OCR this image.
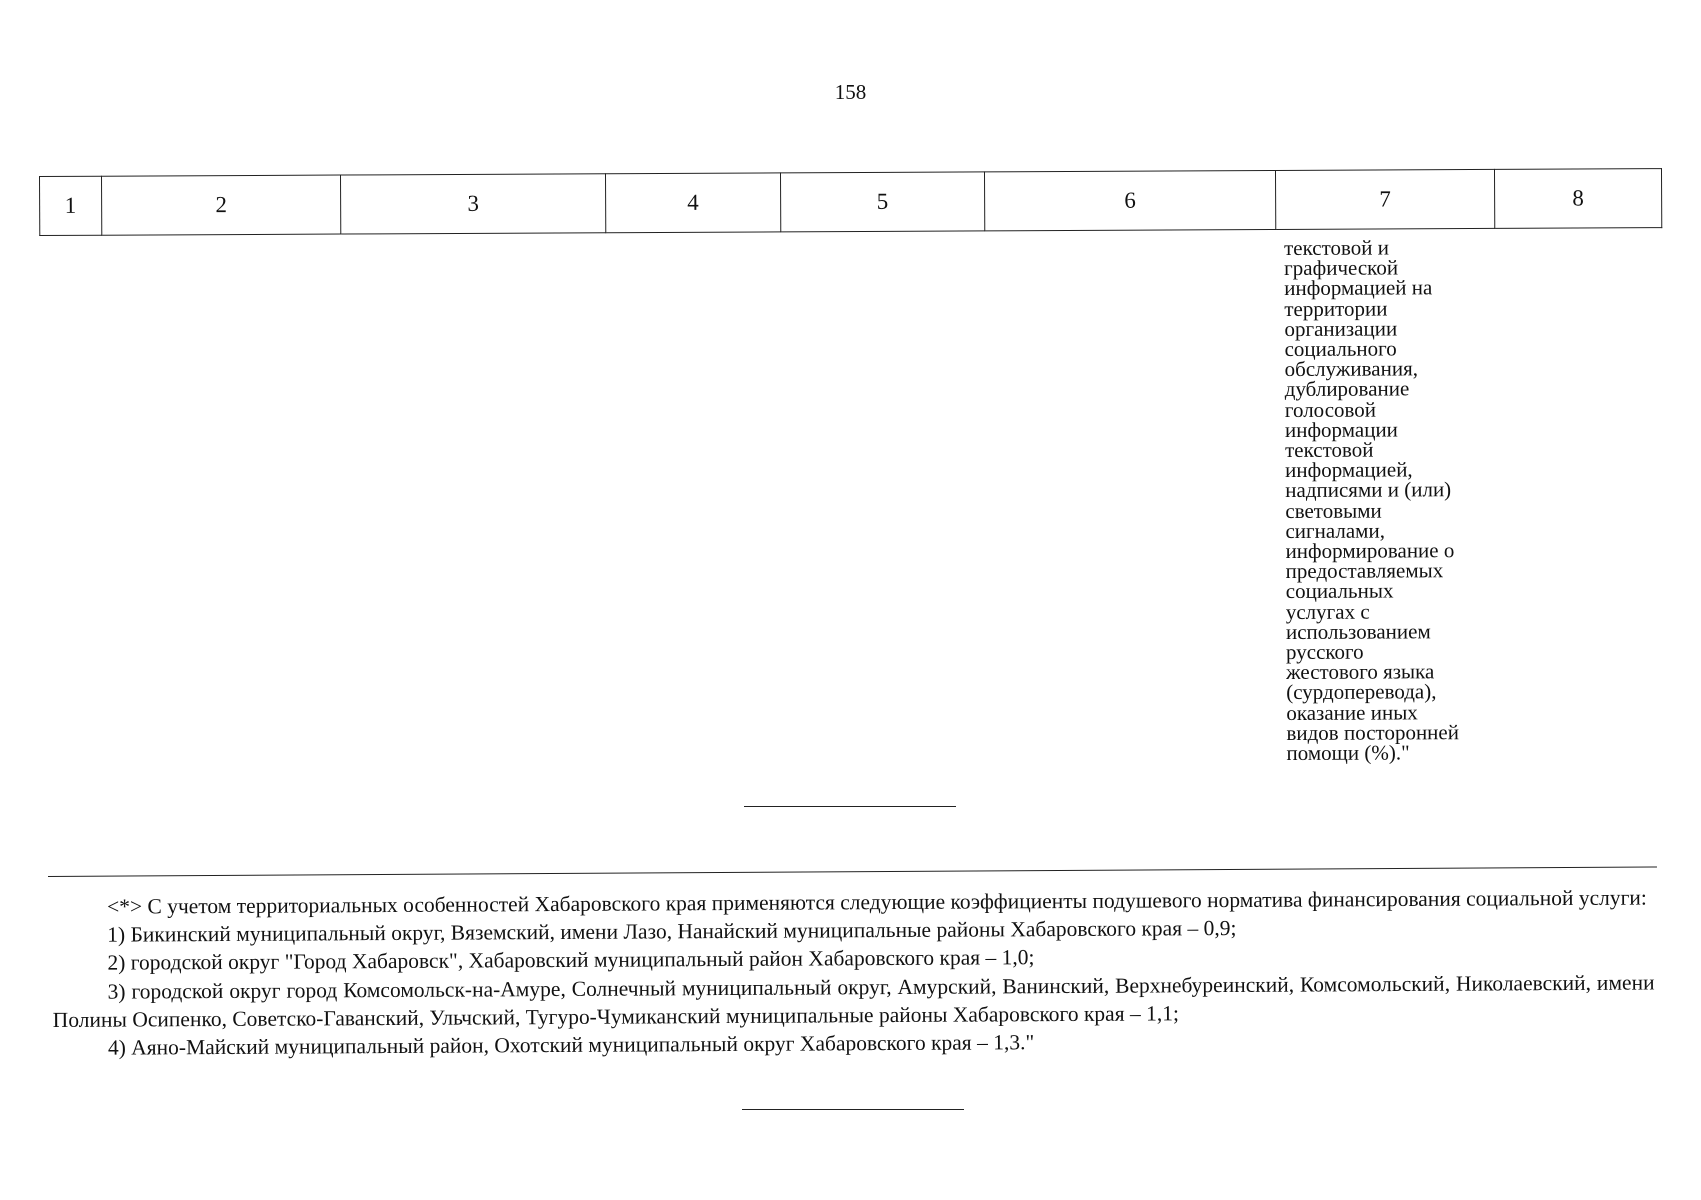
158
1	2	3	4	5	6	7	8
текстовой и
графической
информацией на
территории
организации
социального
обслуживания,
дублирование
голосовой
информации
текстовой
информацией,
надписями и (или)
световыми
сигналами,
информирование о
предоставляемых
социальных
услугах с
использованием
русского
жестового языка
(сурдоперевода),
оказание иных
видов посторонней
помощи (%)."

<*> С учетом территориальных особенностей Хабаровского края применяются следующие коэффициенты подушевого норматива финансирования социальной услуги:

1) Бикинский муниципальный округ, Вяземский, имени Лазо, Нанайский муниципальные районы Хабаровского края – 0,9;

2) городской округ "Город Хабаровск", Хабаровский муниципальный район Хабаровского края – 1,0;

3) городской округ город Комсомольск-на-Амуре, Солнечный муниципальный округ, Амурский, Ванинский, Верхнебуреинский, Комсомольский, Николаевский, имени Полины Осипенко, Советско-Гаванский, Ульчский, Тугуро-Чумиканский муниципальные районы Хабаровского края – 1,1;

4) Аяно-Майский муниципальный район, Охотский муниципальный округ Хабаровского края – 1,3."
